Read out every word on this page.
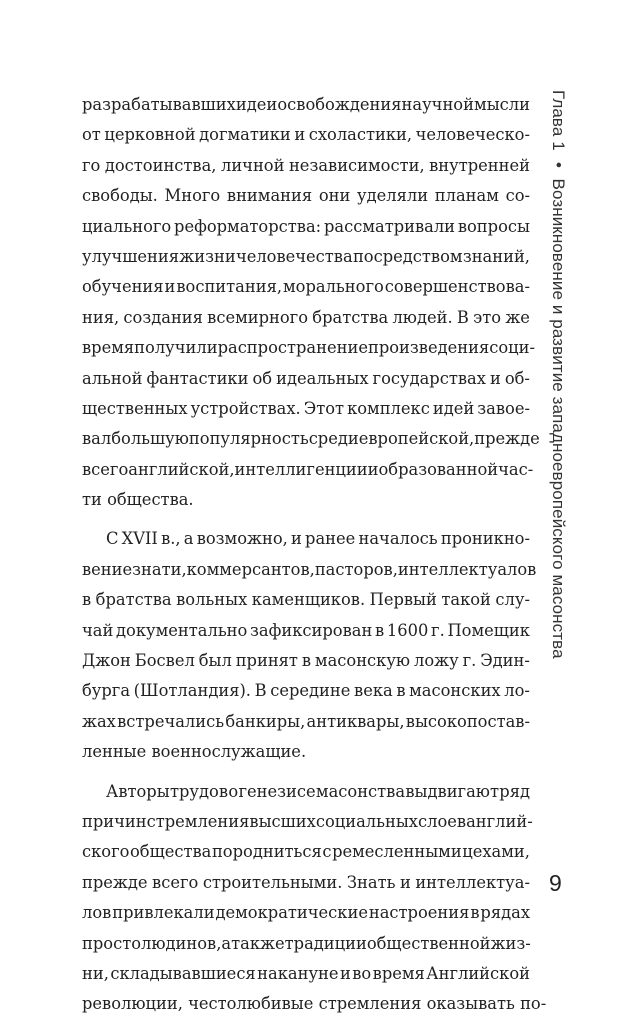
разрабатывавших идеи освобождения научной мысли
от церковной догматики и схоластики, человеческо-
го достоинства, личной независимости, внутренней
свободы. Много внимания они уделяли планам со-
циального реформаторства: рассматривали вопросы
улучшения жизни человечества посредством знаний,
обучения и воспитания, морального совершенствова-
ния, создания всемирного братства людей. В это же
время получили распространение произведения соци-
альной фантастики об идеальных государствах и об-
щественных устройствах. Этот комплекс идей завое-
вал большую популярность среди европейской, прежде
всего английской, интеллигенции и образованной час-
ти общества.
С XVII в., а возможно, и ранее началось проникно-
вение знати, коммерсантов, пасторов, интеллектуалов
в братства вольных каменщиков. Первый такой слу-
чай документально зафиксирован в 1600 г. Помещик
Джон Босвел был принят в масонскую ложу г. Эдин-
бурга (Шотландия). В середине века в масонских ло-
жах встречались банкиры, антиквары, высокопостав-
ленные военнослужащие.
Авторы трудов о генезисе масонства выдвигают ряд
причин стремления высших социальных слоев англий-
ского общества породниться с ремесленными цехами,
прежде всего строительными. Знать и интеллектуа-
лов привлекали демократические настроения в рядах
простолюдинов, а также традиции общественной жиз-
ни, складывавшиеся накануне и во время Английской
революции, честолюбивые стремления оказывать по-
Глава 1 • Возникновение и развитие западноевропейского масонства
9
